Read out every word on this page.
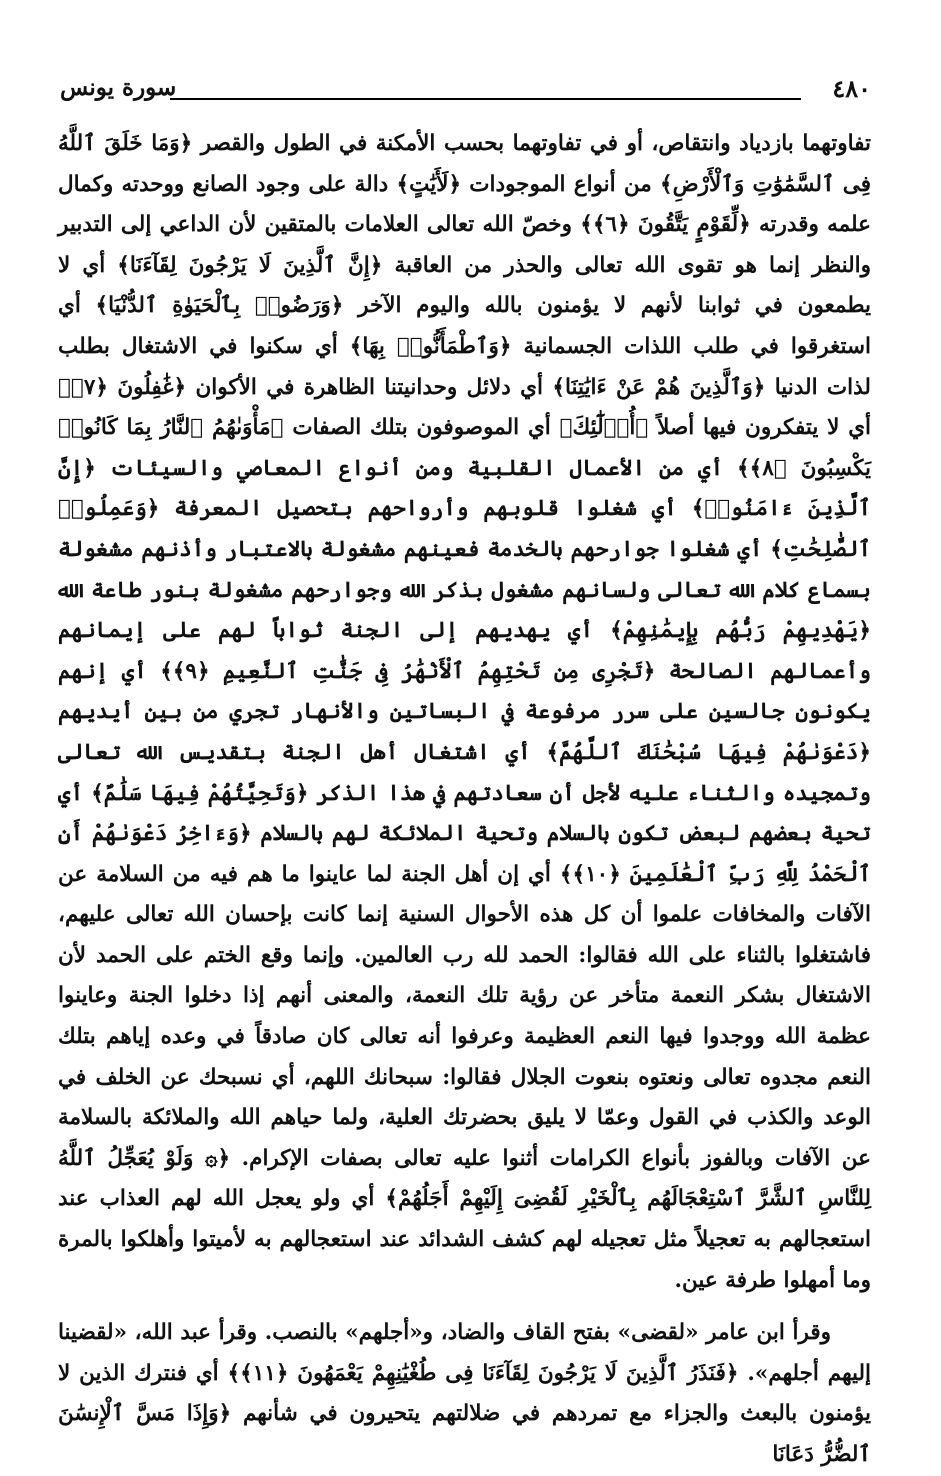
٤٨٠
سورة يونس

تفاوتهما بازدياد وانتقاص، أو في تفاوتهما بحسب الأمكنة في الطول والقصر ﴿وَمَا خَلَقَ ٱللَّهُ فِى ٱلسَّمَٰوَٰتِ وَٱلْأَرْضِ﴾ من أنواع الموجودات ﴿لَأَيَٰتٍ﴾ دالة على وجود الصانع ووحدته وكمال علمه وقدرته ﴿لِّقَوْمٍ يَتَّقُونَ ﴿٦﴾﴾ وخصّ الله تعالى العلامات بالمتقين لأن الداعي إلى التدبير والنظر إنما هو تقوى الله تعالى والحذر من العاقبة ﴿إِنَّ ٱلَّذِينَ لَا يَرْجُونَ لِقَآءَنَا﴾ أي لا يطمعون في ثوابنا لأنهم لا يؤمنون بالله واليوم الآخر ﴿وَرَضُوا۟ بِٱلْحَيَوٰةِ ٱلدُّنْيَا﴾ أي استغرقوا في طلب اللذات الجسمانية ﴿وَٱطْمَأَنُّوا۟ بِهَا﴾ أي سكنوا في الاشتغال بطلب لذات الدنيا ﴿وَٱلَّذِينَ هُمْ عَنْ ءَايَٰتِنَا﴾ أي دلائل وحدانيتنا الظاهرة في الأكوان ﴿غَٰفِلُونَ ﴿٧﴾﴾ أي لا يتفكرون فيها أصلاً ﴿أُو۟لَٰٓئِكَ﴾ أي الموصوفون بتلك الصفات ﴿مَأْوَىٰهُمُ ٱلنَّارُ بِمَا كَانُوا۟ يَكْسِبُونَ ﴿٨﴾﴾ أي من الأعمال القلبية ومن أنواع المعاصي والسيئات ﴿إِنَّ ٱلَّذِينَ ءَامَنُوا۟﴾ أي شغلوا قلوبهم وأرواحهم بتحصيل المعرفة ﴿وَعَمِلُوا۟ ٱلصَّٰلِحَٰتِ﴾ أي شغلوا جوارحهم بالخدمة فعينهم مشغولة بالاعتبار وأذنهم مشغولة بسماع كلام الله تعالى ولسانهم مشغول بذكر الله وجوارحهم مشغولة بنور طاعة الله ﴿يَهْدِيهِمْ رَبُّهُم بِإِيمَٰنِهِمْ﴾ أي يهديهم إلى الجنة ثواباً لهم على إيمانهم وأعمالهم الصالحة ﴿تَجْرِى مِن تَحْتِهِمُ ٱلْأَنْهَٰرُ فِى جَنَّٰتِ ٱلنَّعِيمِ ﴿٩﴾﴾ أي إنهم يكونون جالسين على سرر مرفوعة في البساتين والأنهار تجري من بين أيديهم ﴿دَعْوَىٰهُمْ فِيهَا سُبْحَٰنَكَ ٱللَّهُمَّ﴾ أي اشتغال أهل الجنة بتقديس الله تعالى وتمجيده والثناء عليه لأجل أن سعادتهم في هذا الذكر ﴿وَتَحِيَّتُهُمْ فِيهَا سَلَٰمٌ﴾ أي تحية بعضهم لبعض تكون بالسلام وتحية الملائكة لهم بالسلام ﴿وَءَاخِرُ دَعْوَىٰهُمْ أَنِ ٱلْحَمْدُ لِلَّهِ رَبِّ ٱلْعَٰلَمِينَ ﴿١٠﴾﴾ أي إن أهل الجنة لما عاينوا ما هم فيه من السلامة عن الآفات والمخافات علموا أن كل هذه الأحوال السنية إنما كانت بإحسان الله تعالى عليهم، فاشتغلوا بالثناء على الله فقالوا: الحمد لله رب العالمين. وإنما وقع الختم على الحمد لأن الاشتغال بشكر النعمة متأخر عن رؤية تلك النعمة، والمعنى أنهم إذا دخلوا الجنة وعاينوا عظمة الله ووجدوا فيها النعم العظيمة وعرفوا أنه تعالى كان صادقاً في وعده إياهم بتلك النعم مجدوه تعالى ونعتوه بنعوت الجلال فقالوا: سبحانك اللهم، أي نسبحك عن الخلف في الوعد والكذب في القول وعمّا لا يليق بحضرتك العلية، ولما حياهم الله والملائكة بالسلامة عن الآفات وبالفوز بأنواع الكرامات أثنوا عليه تعالى بصفات الإكرام. ﴿۞ وَلَوْ يُعَجِّلُ ٱللَّهُ لِلنَّاسِ ٱلشَّرَّ ٱسْتِعْجَالَهُم بِٱلْخَيْرِ لَقُضِىَ إِلَيْهِمْ أَجَلُهُمْ﴾ أي ولو يعجل الله لهم العذاب عند استعجالهم به تعجيلاً مثل تعجيله لهم كشف الشدائد عند استعجالهم به لأميتوا وأهلكوا بالمرة وما أمهلوا طرفة عين.

وقرأ ابن عامر «لقضى» بفتح القاف والضاد، و«أجلهم» بالنصب. وقرأ عبد الله، «لقضينا إليهم أجلهم». ﴿فَنَذَرُ ٱلَّذِينَ لَا يَرْجُونَ لِقَآءَنَا فِى طُغْيَٰنِهِمْ يَعْمَهُونَ ﴿١١﴾﴾ أي فنترك الذين لا يؤمنون بالبعث والجزاء مع تمردهم في ضلالتهم يتحيرون في شأنهم ﴿وَإِذَا مَسَّ ٱلْإِنسَٰنَ ٱلضُّرُّ دَعَانَا
